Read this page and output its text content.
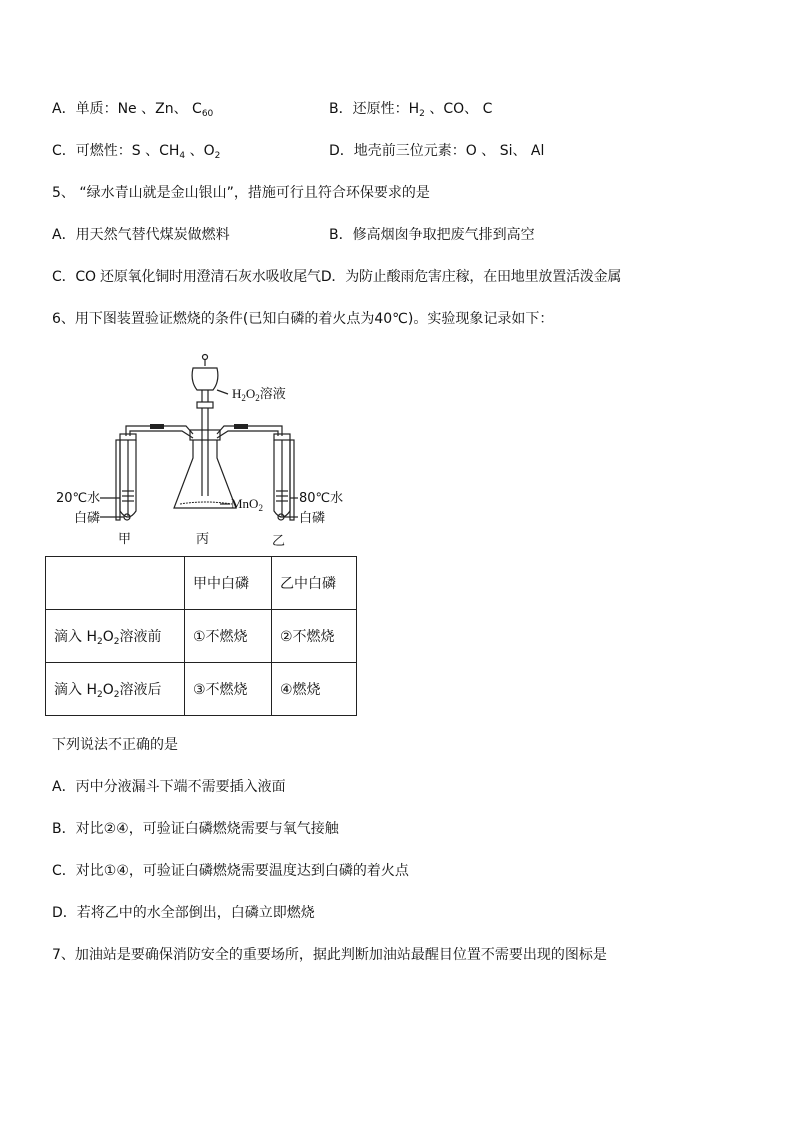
A．单质：Ne 、Zn、 $C_{60}$	B．还原性：$H_2$ 、CO、 C
C．可燃性：S 、$CH_4$ 、$O_2$	D．地壳前三位元素：O 、 Si、 Al
5、 “绿水青山就是金山银山”，措施可行且符合环保要求的是
A．用天然气替代煤炭做燃料	B．修高烟囱争取把废气排到高空
C．CO 还原氧化铜时用澄清石灰水吸收尾气D．为防止酸雨危害庄稼，在田地里放置活泼金属
6、用下图装置验证燃烧的条件(已知白磷的着火点为40℃)。实验现象记录如下：
$H_2O_2$溶液
20℃水
白磷
80℃水
白磷
MnO$_2$
甲	丙	乙
	甲中白磷	乙中白磷
滴入 $H_2O_2$溶液前	①不燃烧	②不燃烧
滴入 $H_2O_2$溶液后	③不燃烧	④燃烧
下列说法不正确的是
A．丙中分液漏斗下端不需要插入液面
B．对比②④，可验证白磷燃烧需要与氧气接触
C．对比①④，可验证白磷燃烧需要温度达到白磷的着火点
D．若将乙中的水全部倒出，白磷立即燃烧
7、加油站是要确保消防安全的重要场所，据此判断加油站最醒目位置不需要出现的图标是
